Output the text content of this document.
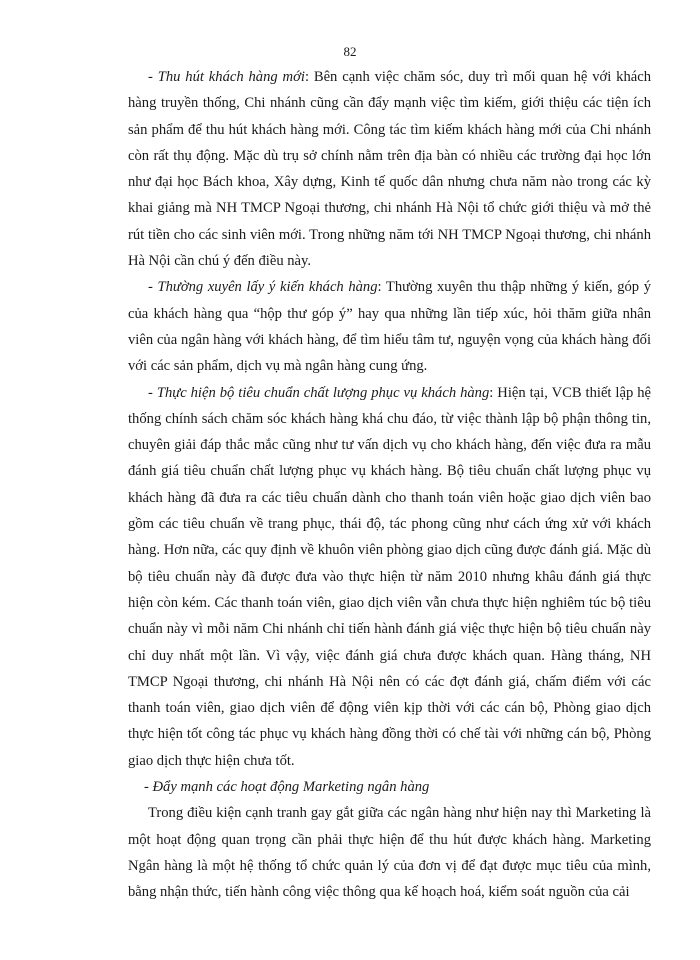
82

- Thu hút khách hàng mới: Bên cạnh việc chăm sóc, duy trì mối quan hệ với khách hàng truyền thống, Chi nhánh cũng cần đẩy mạnh việc tìm kiếm, giới thiệu các tiện ích sản phẩm để thu hút khách hàng mới. Công tác tìm kiếm khách hàng mới của Chi nhánh còn rất thụ động. Mặc dù trụ sở chính nằm trên địa bàn có nhiều các trường đại học lớn như đại học Bách khoa, Xây dựng, Kinh tế quốc dân nhưng chưa năm nào trong các kỳ khai giảng mà NH TMCP Ngoại thương, chi nhánh Hà Nội tổ chức giới thiệu và mở thẻ rút tiền cho các sinh viên mới. Trong những năm tới NH TMCP Ngoại thương, chi nhánh Hà Nội cần chú ý đến điều này.

- Thường xuyên lấy ý kiến khách hàng: Thường xuyên thu thập những ý kiến, góp ý của khách hàng qua “hộp thư góp ý” hay qua những lần tiếp xúc, hỏi thăm giữa nhân viên của ngân hàng với khách hàng, để tìm hiểu tâm tư, nguyện vọng của khách hàng đối với các sản phẩm, dịch vụ mà ngân hàng cung ứng.

- Thực hiện bộ tiêu chuẩn chất lượng phục vụ khách hàng: Hiện tại, VCB thiết lập hệ thống chính sách chăm sóc khách hàng khá chu đáo, từ việc thành lập bộ phận thông tin, chuyên giải đáp thắc mắc cũng như tư vấn dịch vụ cho khách hàng, đến việc đưa ra mẫu đánh giá tiêu chuẩn chất lượng phục vụ khách hàng. Bộ tiêu chuẩn chất lượng phục vụ khách hàng đã đưa ra các tiêu chuẩn dành cho thanh toán viên hoặc giao dịch viên bao gồm các tiêu chuẩn về trang phục, thái độ, tác phong cũng như cách ứng xử với khách hàng. Hơn nữa, các quy định về khuôn viên phòng giao dịch cũng được đánh giá. Mặc dù bộ tiêu chuẩn này đã được đưa vào thực hiện từ năm 2010 nhưng khâu đánh giá thực hiện còn kém. Các thanh toán viên, giao dịch viên vẫn chưa thực hiện nghiêm túc bộ tiêu chuẩn này vì mỗi năm Chi nhánh chỉ tiến hành đánh giá việc thực hiện bộ tiêu chuẩn này chỉ duy nhất một lần. Vì vậy, việc đánh giá chưa được khách quan. Hàng tháng, NH TMCP Ngoại thương, chi nhánh Hà Nội nên có các đợt đánh giá, chấm điểm với các thanh toán viên, giao dịch viên để động viên kịp thời với các cán bộ, Phòng giao dịch thực hiện tốt công tác phục vụ khách hàng đồng thời có chế tài với những cán bộ, Phòng giao dịch thực hiện chưa tốt.

- Đẩy mạnh các hoạt động Marketing ngân hàng

Trong điều kiện cạnh tranh gay gắt giữa các ngân hàng như hiện nay thì Marketing là một hoạt động quan trọng cần phải thực hiện để thu hút được khách hàng. Marketing Ngân hàng là một hệ thống tổ chức quản lý của đơn vị để đạt được mục tiêu của mình, bằng nhận thức, tiến hành công việc thông qua kế hoạch hoá, kiểm soát nguồn của cải
